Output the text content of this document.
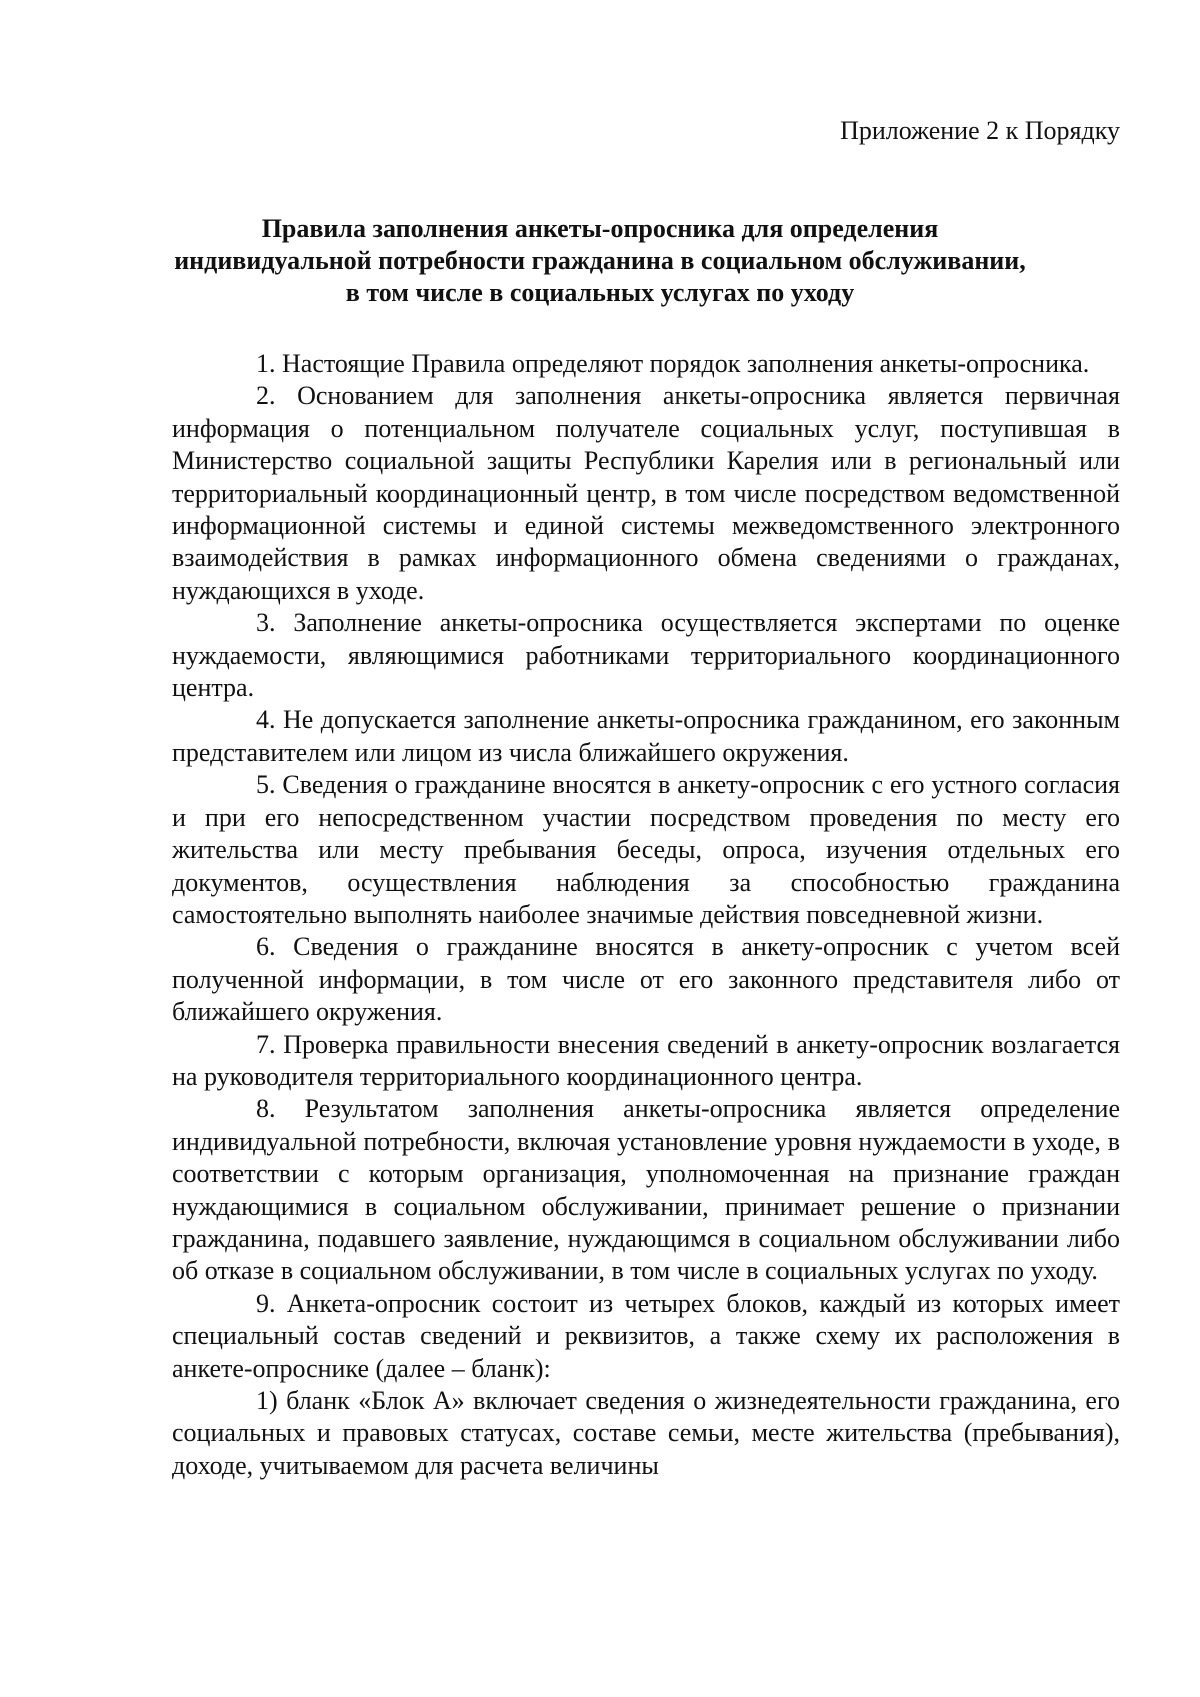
Приложение 2 к Порядку
Правила заполнения анкеты-опросника для определения
индивидуальной потребности гражданина в социальном обслуживании,
в том числе в социальных услугах по уходу

1. Настоящие Правила определяют порядок заполнения анкеты-опросника.

2. Основанием для заполнения анкеты-опросника является первичная информация о потенциальном получателе социальных услуг, поступившая в Министерство социальной защиты Республики Карелия или в региональный или территориальный координационный центр, в том числе посредством ведомственной информационной системы и единой системы межведомственного электронного взаимодействия в рамках информационного обмена сведениями о гражданах, нуждающихся в уходе.

3. Заполнение анкеты-опросника осуществляется экспертами по оценке нуждаемости, являющимися работниками территориального координационного центра.

4. Не допускается заполнение анкеты-опросника гражданином, его законным представителем или лицом из числа ближайшего окружения.

5. Сведения о гражданине вносятся в анкету-опросник с его устного согласия и при его непосредственном участии посредством проведения по месту его жительства или месту пребывания беседы, опроса, изучения отдельных его документов, осуществления наблюдения за способностью гражданина самостоятельно выполнять наиболее значимые действия повседневной жизни.

6. Сведения о гражданине вносятся в анкету-опросник с учетом всей полученной информации, в том числе от его законного представителя либо от ближайшего окружения.

7. Проверка правильности внесения сведений в анкету-опросник возлагается на руководителя территориального координационного центра.

8. Результатом заполнения анкеты-опросника является определение индивидуальной потребности, включая установление уровня нуждаемости в уходе, в соответствии с которым организация, уполномоченная на признание граждан нуждающимися в социальном обслуживании, принимает решение о признании гражданина, подавшего заявление, нуждающимся в социальном обслуживании либо об отказе в социальном обслуживании, в том числе в социальных услугах по уходу.

9. Анкета-опросник состоит из четырех блоков, каждый из которых имеет специальный состав сведений и реквизитов, а также схему их расположения в анкете-опроснике (далее – бланк):

1) бланк «Блок А» включает сведения о жизнедеятельности гражданина, его социальных и правовых статусах, составе семьи, месте жительства (пребывания), доходе, учитываемом для расчета величины
